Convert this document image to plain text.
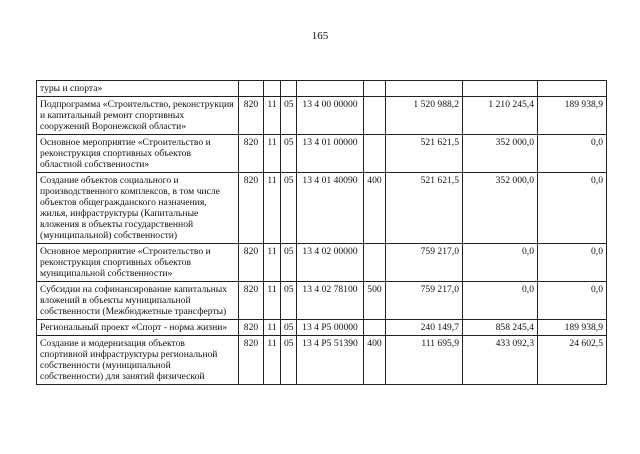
165
туры и спорта»								
Подпрограмма «Строительство, реконструкция и капитальный ремонт спортивных сооружений Воронежской области»	820	11	05	13 4 00 00000		1 520 988,2	1 210 245,4	189 938,9
Основное мероприятие «Строительство и реконструкция спортивных объектов областной собственности»	820	11	05	13 4 01 00000		521 621,5	352 000,0	0,0
Создание объектов социального и производственного комплексов, в том числе объектов общегражданского назначения, жилья, инфраструктуры (Капитальные вложения в объекты государственной (муниципальной) собственности)	820	11	05	13 4 01 40090	400	521 621,5	352 000,0	0,0
Основное мероприятие «Строительство и реконструкция спортивных объектов муниципальной собственности»	820	11	05	13 4 02 00000		759 217,0	0,0	0,0
Субсидии на софинансирование капитальных вложений в объекты муниципальной собственности (Межбюджетные трансферты)	820	11	05	13 4 02 78100	500	759 217,0	0,0	0,0
Региональный проект «Спорт - норма жизни»	820	11	05	13 4 P5 00000		240 149,7	858 245,4	189 938,9
Создание и модернизация объектов спортивной инфраструктуры региональной собственности (муниципальной собственности) для занятий физической	820	11	05	13 4 P5 51390	400	111 695,9	433 092,3	24 602,5
